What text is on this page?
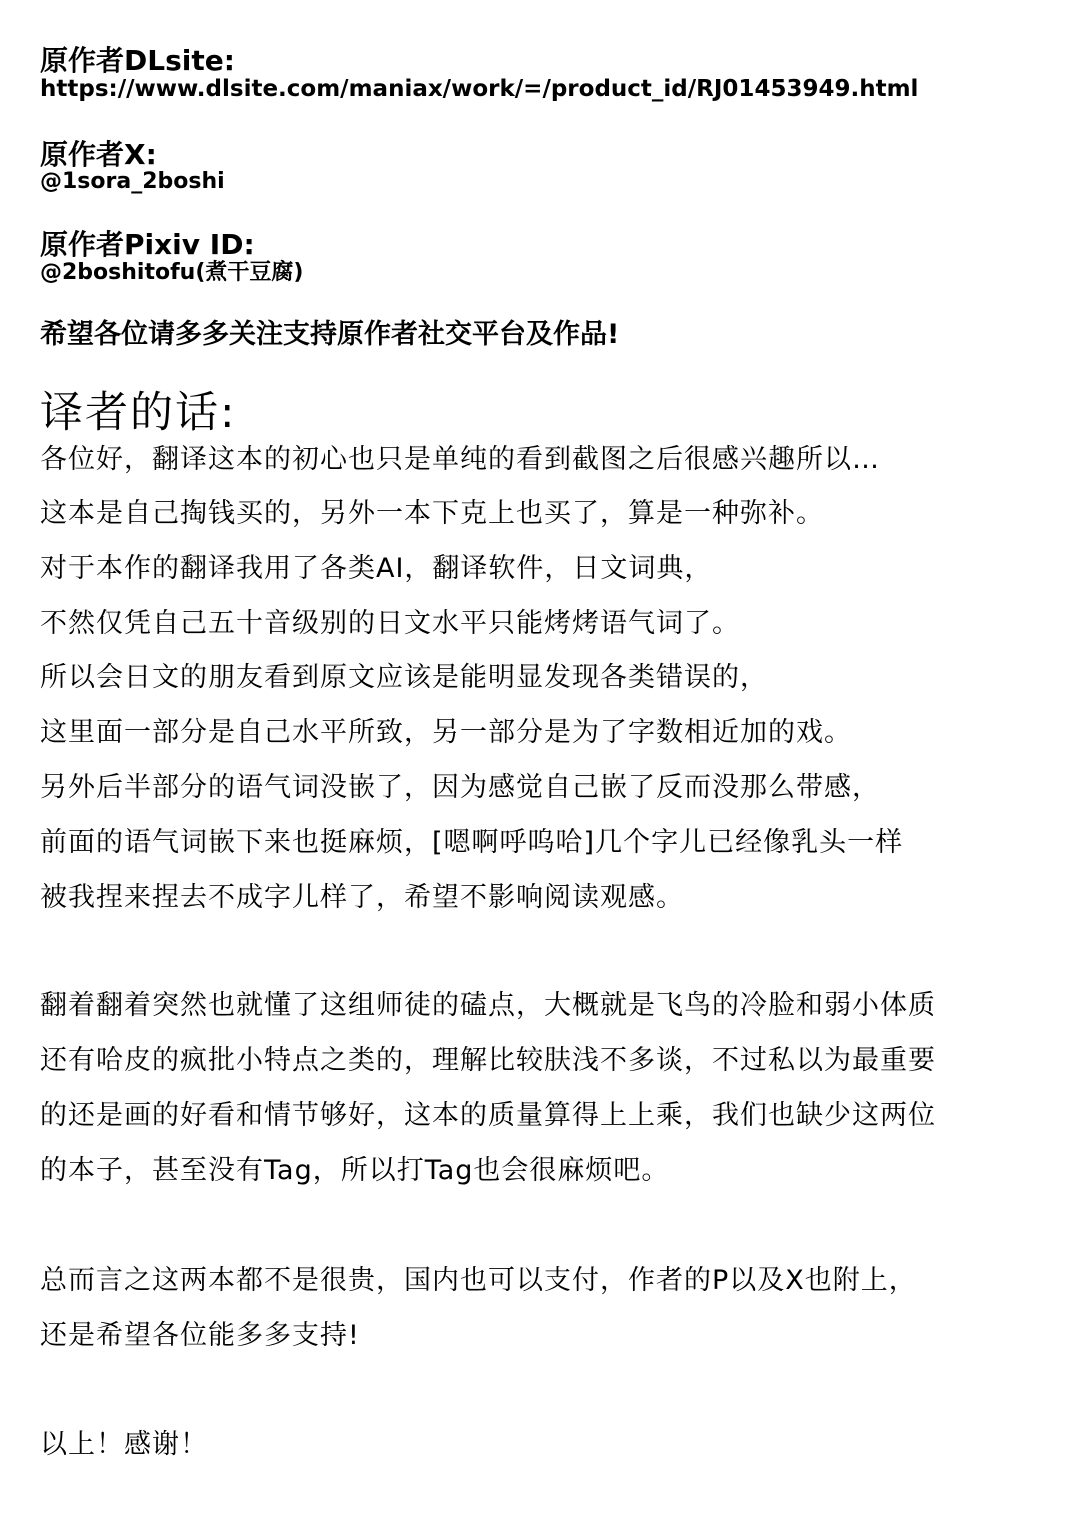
原作者DLsite:
https://www.dlsite.com/maniax/work/=/product_id/RJ01453949.html
原作者X:
@1sora_2boshi
原作者Pixiv ID:
@2boshitofu(煮干豆腐)
希望各位请多多关注支持原作者社交平台及作品!
译者的话:
各位好，翻译这本的初心也只是单纯的看到截图之后很感兴趣所以…
这本是自己掏钱买的，另外一本下克上也买了，算是一种弥补。
对于本作的翻译我用了各类AI，翻译软件，日文词典，
不然仅凭自己五十音级别的日文水平只能烤烤语气词了。
所以会日文的朋友看到原文应该是能明显发现各类错误的，
这里面一部分是自己水平所致，另一部分是为了字数相近加的戏。
另外后半部分的语气词没嵌了，因为感觉自己嵌了反而没那么带感，
前面的语气词嵌下来也挺麻烦，[嗯啊呼呜哈]几个字儿已经像乳头一样
被我捏来捏去不成字儿样了，希望不影响阅读观感。
翻着翻着突然也就懂了这组师徒的磕点，大概就是飞鸟的冷脸和弱小体质
还有哈皮的疯批小特点之类的，理解比较肤浅不多谈，不过私以为最重要
的还是画的好看和情节够好，这本的质量算得上上乘，我们也缺少这两位
的本子，甚至没有Tag，所以打Tag也会很麻烦吧。
总而言之这两本都不是很贵，国内也可以支付，作者的P以及X也附上，
还是希望各位能多多支持!
以上！感谢！
